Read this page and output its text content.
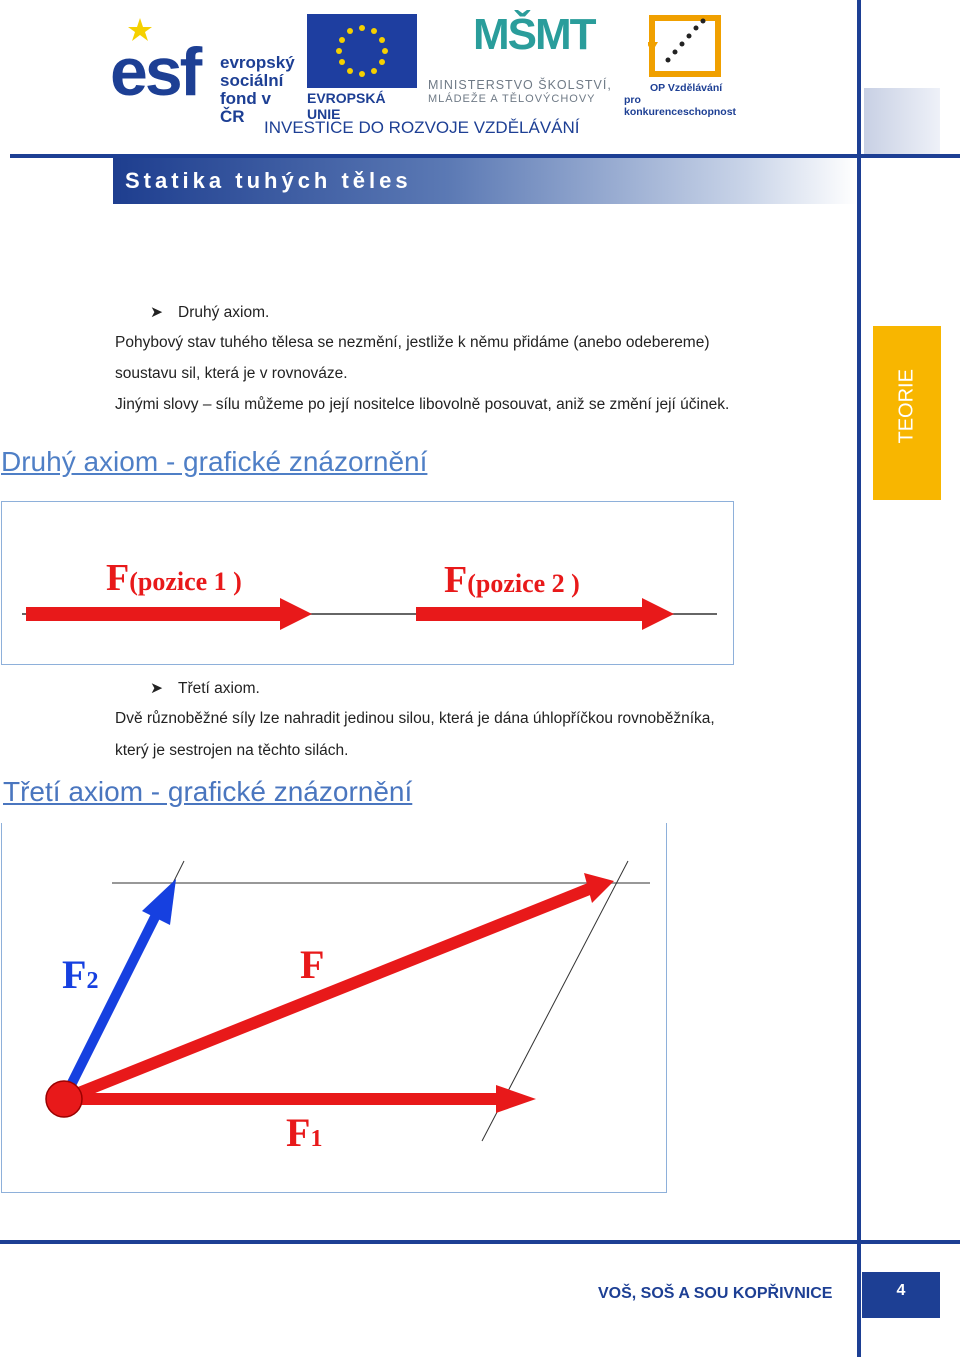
esf evropský
sociální
fond v ČR
EVROPSKÁ UNIE
MŠMT
MINISTERSTVO ŠKOLSTVÍ,
MLÁDEŽE A TĚLOVÝCHOVY
OP Vzdělávání
pro konkurenceschopnost
INVESTICE DO ROZVOJE VZDĚLÁVÁNÍ
Statika tuhých těles
TEORIE
➤ Druhý axiom.
Pohybový stav tuhého tělesa se nezmění, jestliže k němu přidáme (anebo odebereme)
soustavu sil, která je v rovnováze.
Jinými slovy – sílu můžeme po její nositelce libovolně posouvat, aniž se změní její účinek.
Druhý axiom - grafické znázornění
F(pozice 1 )	F(pozice 2 )
➤ Třetí axiom.
Dvě různoběžné síly lze nahradit jedinou silou, která je dána úhlopříčkou rovnoběžníka,
který je sestrojen na těchto silách.
Třetí axiom - grafické znázornění
F2	F
F1
VOŠ, SOŠ A SOU KOPŘIVNICE	4
